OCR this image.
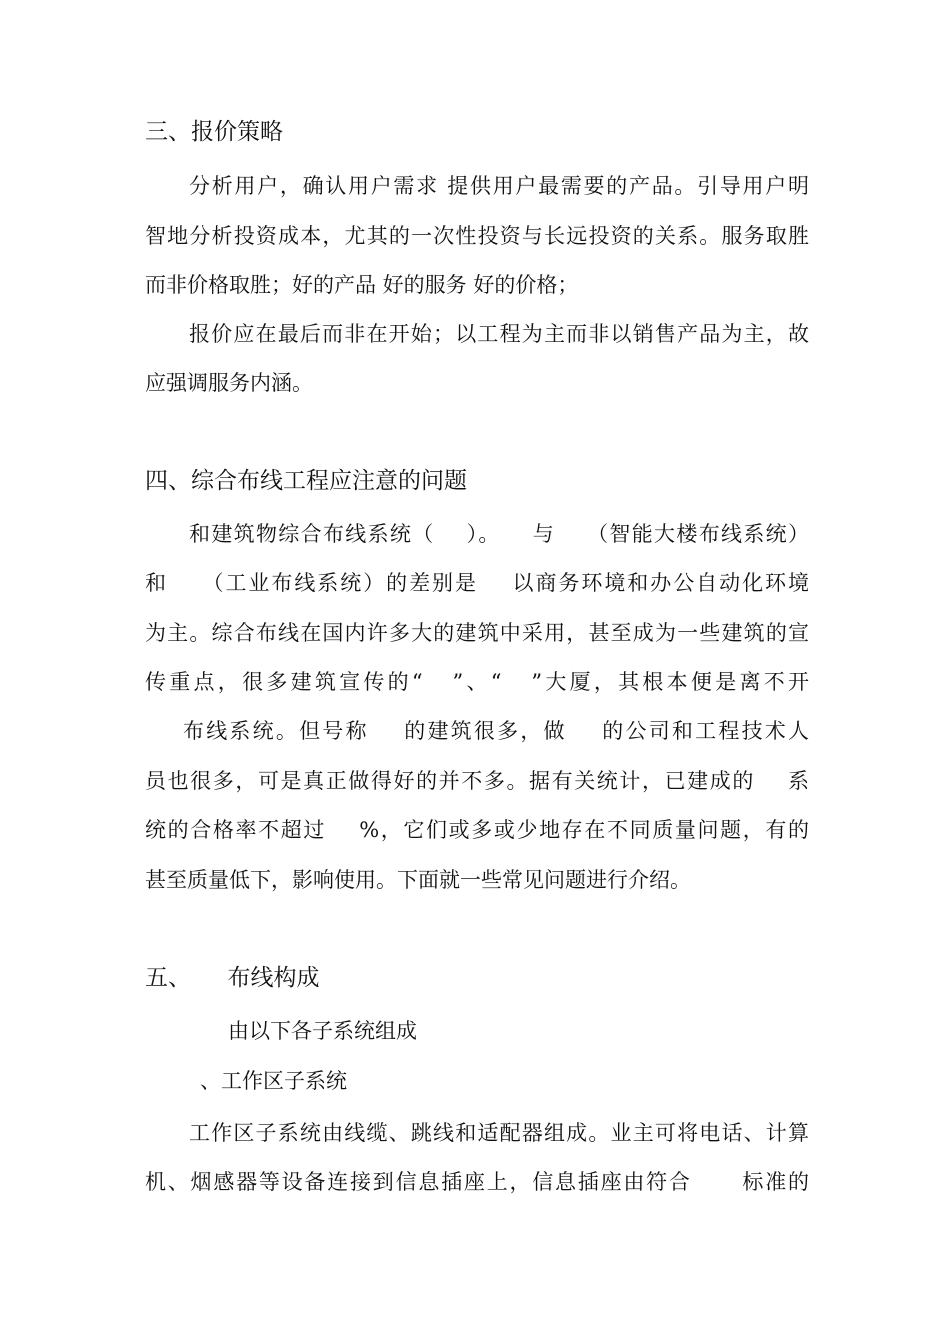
三、报价策略
分析用户，确认用户需求 提供用户最需要的产品。引导用户明
智地分析投资成本，尤其的一次性投资与长远投资的关系。服务取胜
而非价格取胜；好的产品 好的服务 好的价格；
报价应在最后而非在开始；以工程为主而非以销售产品为主，故
应强调服务内涵。
四、综合布线工程应注意的问题
和建筑物综合布线系统（    ）。    与    （智能大楼布线系统）
和    （工业布线系统）的差别是    以商务环境和办公自动化环境
为主。综合布线在国内许多大的建筑中采用，甚至成为一些建筑的宣
传重点，很多建筑宣传的“   ”、“   ”大厦，其根本便是离不开
布线系统。但号称    的建筑很多，做    的公司和工程技术人
员也很多，可是真正做得好的并不多。据有关统计，已建成的    系
统的合格率不超过    %，它们或多或少地存在不同质量问题，有的
甚至质量低下，影响使用。下面就一些常见问题进行介绍。
五、     布线构成
由以下各子系统组成
、工作区子系统
工作区子系统由线缆、跳线和适配器组成。业主可将电话、计算
机、烟感器等设备连接到信息插座上，信息插座由符合      标准的
